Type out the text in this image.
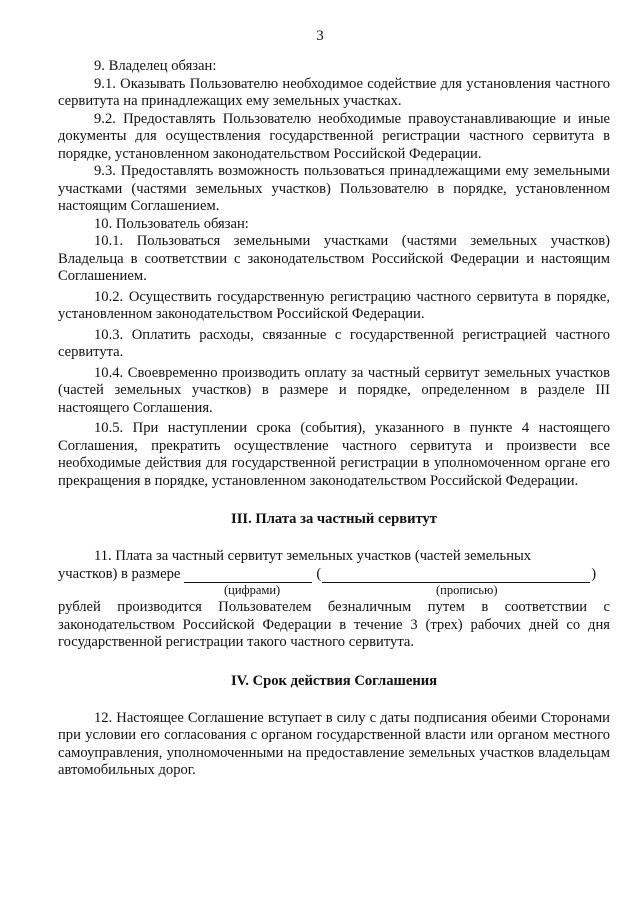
3

9. Владелец обязан:

9.1. Оказывать Пользователю необходимое содействие для установления частного сервитута на принадлежащих ему земельных участках.

9.2. Предоставлять Пользователю необходимые правоустанавливающие и иные документы для осуществления государственной регистрации частного сервитута в порядке, установленном законодательством Российской Федерации.

9.3. Предоставлять возможность пользоваться принадлежащими ему земельными участками (частями земельных участков) Пользователю в порядке, установленном настоящим Соглашением.

10. Пользователь обязан:

10.1. Пользоваться земельными участками (частями земельных участков) Владельца в соответствии с законодательством Российской Федерации и настоящим Соглашением.

10.2. Осуществить государственную регистрацию частного сервитута в порядке, установленном законодательством Российской Федерации.

10.3. Оплатить расходы, связанные с государственной регистрацией частного сервитута.

10.4. Своевременно производить оплату за частный сервитут земельных участков (частей земельных участков) в размере и порядке, определенном в разделе III настоящего Соглашения.

10.5. При наступлении срока (события), указанного в пункте 4 настоящего Соглашения, прекратить осуществление частного сервитута и произвести все необходимые действия для государственной регистрации в уполномоченном органе его прекращения в порядке, установленном законодательством Российской Федерации.

III. Плата за частный сервитут

11. Плата за частный сервитут земельных участков (частей земельных

участков) в размере	(	)
(цифрами)	(прописью)

рублей производится Пользователем безналичным путем в соответствии с законодательством Российской Федерации в течение 3 (трех) рабочих дней со дня государственной регистрации такого частного сервитута.

IV. Срок действия Соглашения

12. Настоящее Соглашение вступает в силу с даты подписания обеими Сторонами при условии его согласования с органом государственной власти или органом местного самоуправления, уполномоченными на предоставление земельных участков владельцам автомобильных дорог.
